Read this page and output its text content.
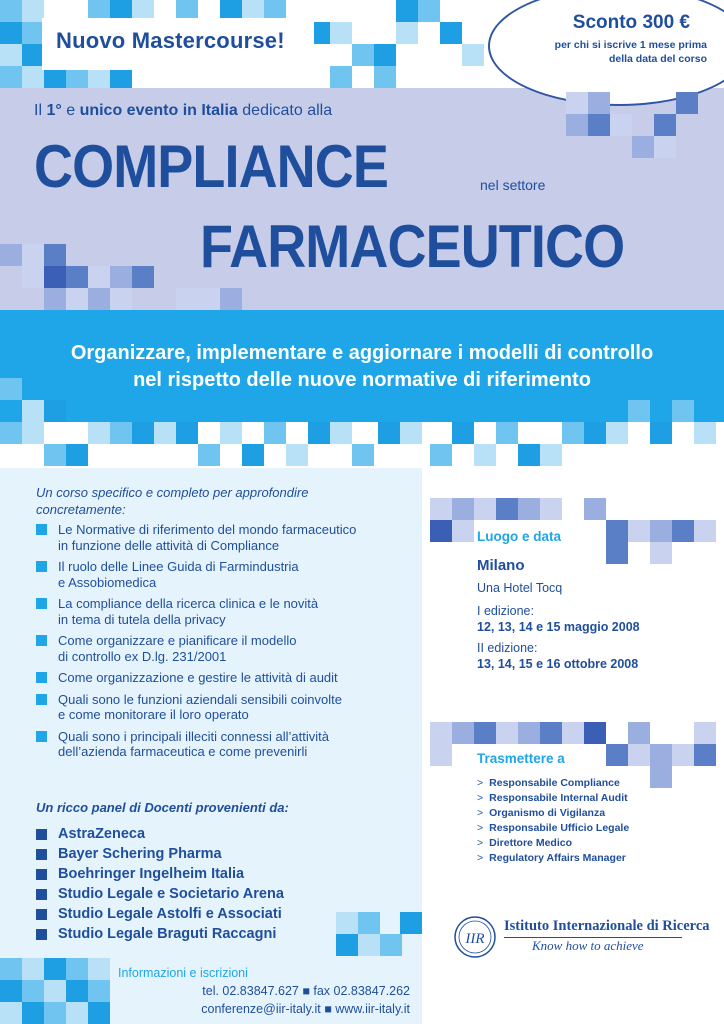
Nuovo Mastercourse!
Sconto 300 €
per chi si iscrive 1 mese prima
della data del corso
Il 1° e unico evento in Italia dedicato alla
COMPLIANCE	nel settore
FARMACEUTICO
Organizzare, implementare e aggiornare i modelli di controllo
nel rispetto delle nuove normative di riferimento
Un corso specifico e completo per approfondire
concretamente:
Le Normative di riferimento del mondo farmaceutico
in funzione delle attività di Compliance
Il ruolo delle Linee Guida di Farmindustria
e Assobiomedica
La compliance della ricerca clinica e le novità
in tema di tutela della privacy
Come organizzare e pianificare il modello
di controllo ex D.lg. 231/2001
Come organizzazione e gestire le attività di audit
Quali sono le funzioni aziendali sensibili coinvolte
e come monitorare il loro operato
Quali sono i principali illeciti connessi all’attività
dell’azienda farmaceutica e come prevenirli
Un ricco panel di Docenti provenienti da:
AstraZeneca
Bayer Schering Pharma
Boehringer Ingelheim Italia
Studio Legale e Societario Arena
Studio Legale Astolfi e Associati
Studio Legale Braguti Raccagni
Informazioni e iscrizioni
tel. 02.83847.627 ■ fax 02.83847.262
conferenze@iir-italy.it ■ www.iir-italy.it
Luogo e data
Milano
Una Hotel Tocq
I edizione:
12, 13, 14 e 15 maggio 2008
II edizione:
13, 14, 15 e 16 ottobre 2008
Trasmettere a
> Responsabile Compliance
> Responsabile Internal Audit
> Organismo di Vigilanza
> Responsabile Ufficio Legale
> Direttore Medico
> Regulatory Affairs Manager
IIR
Istituto Internazionale di Ricerca
Know how to achieve
